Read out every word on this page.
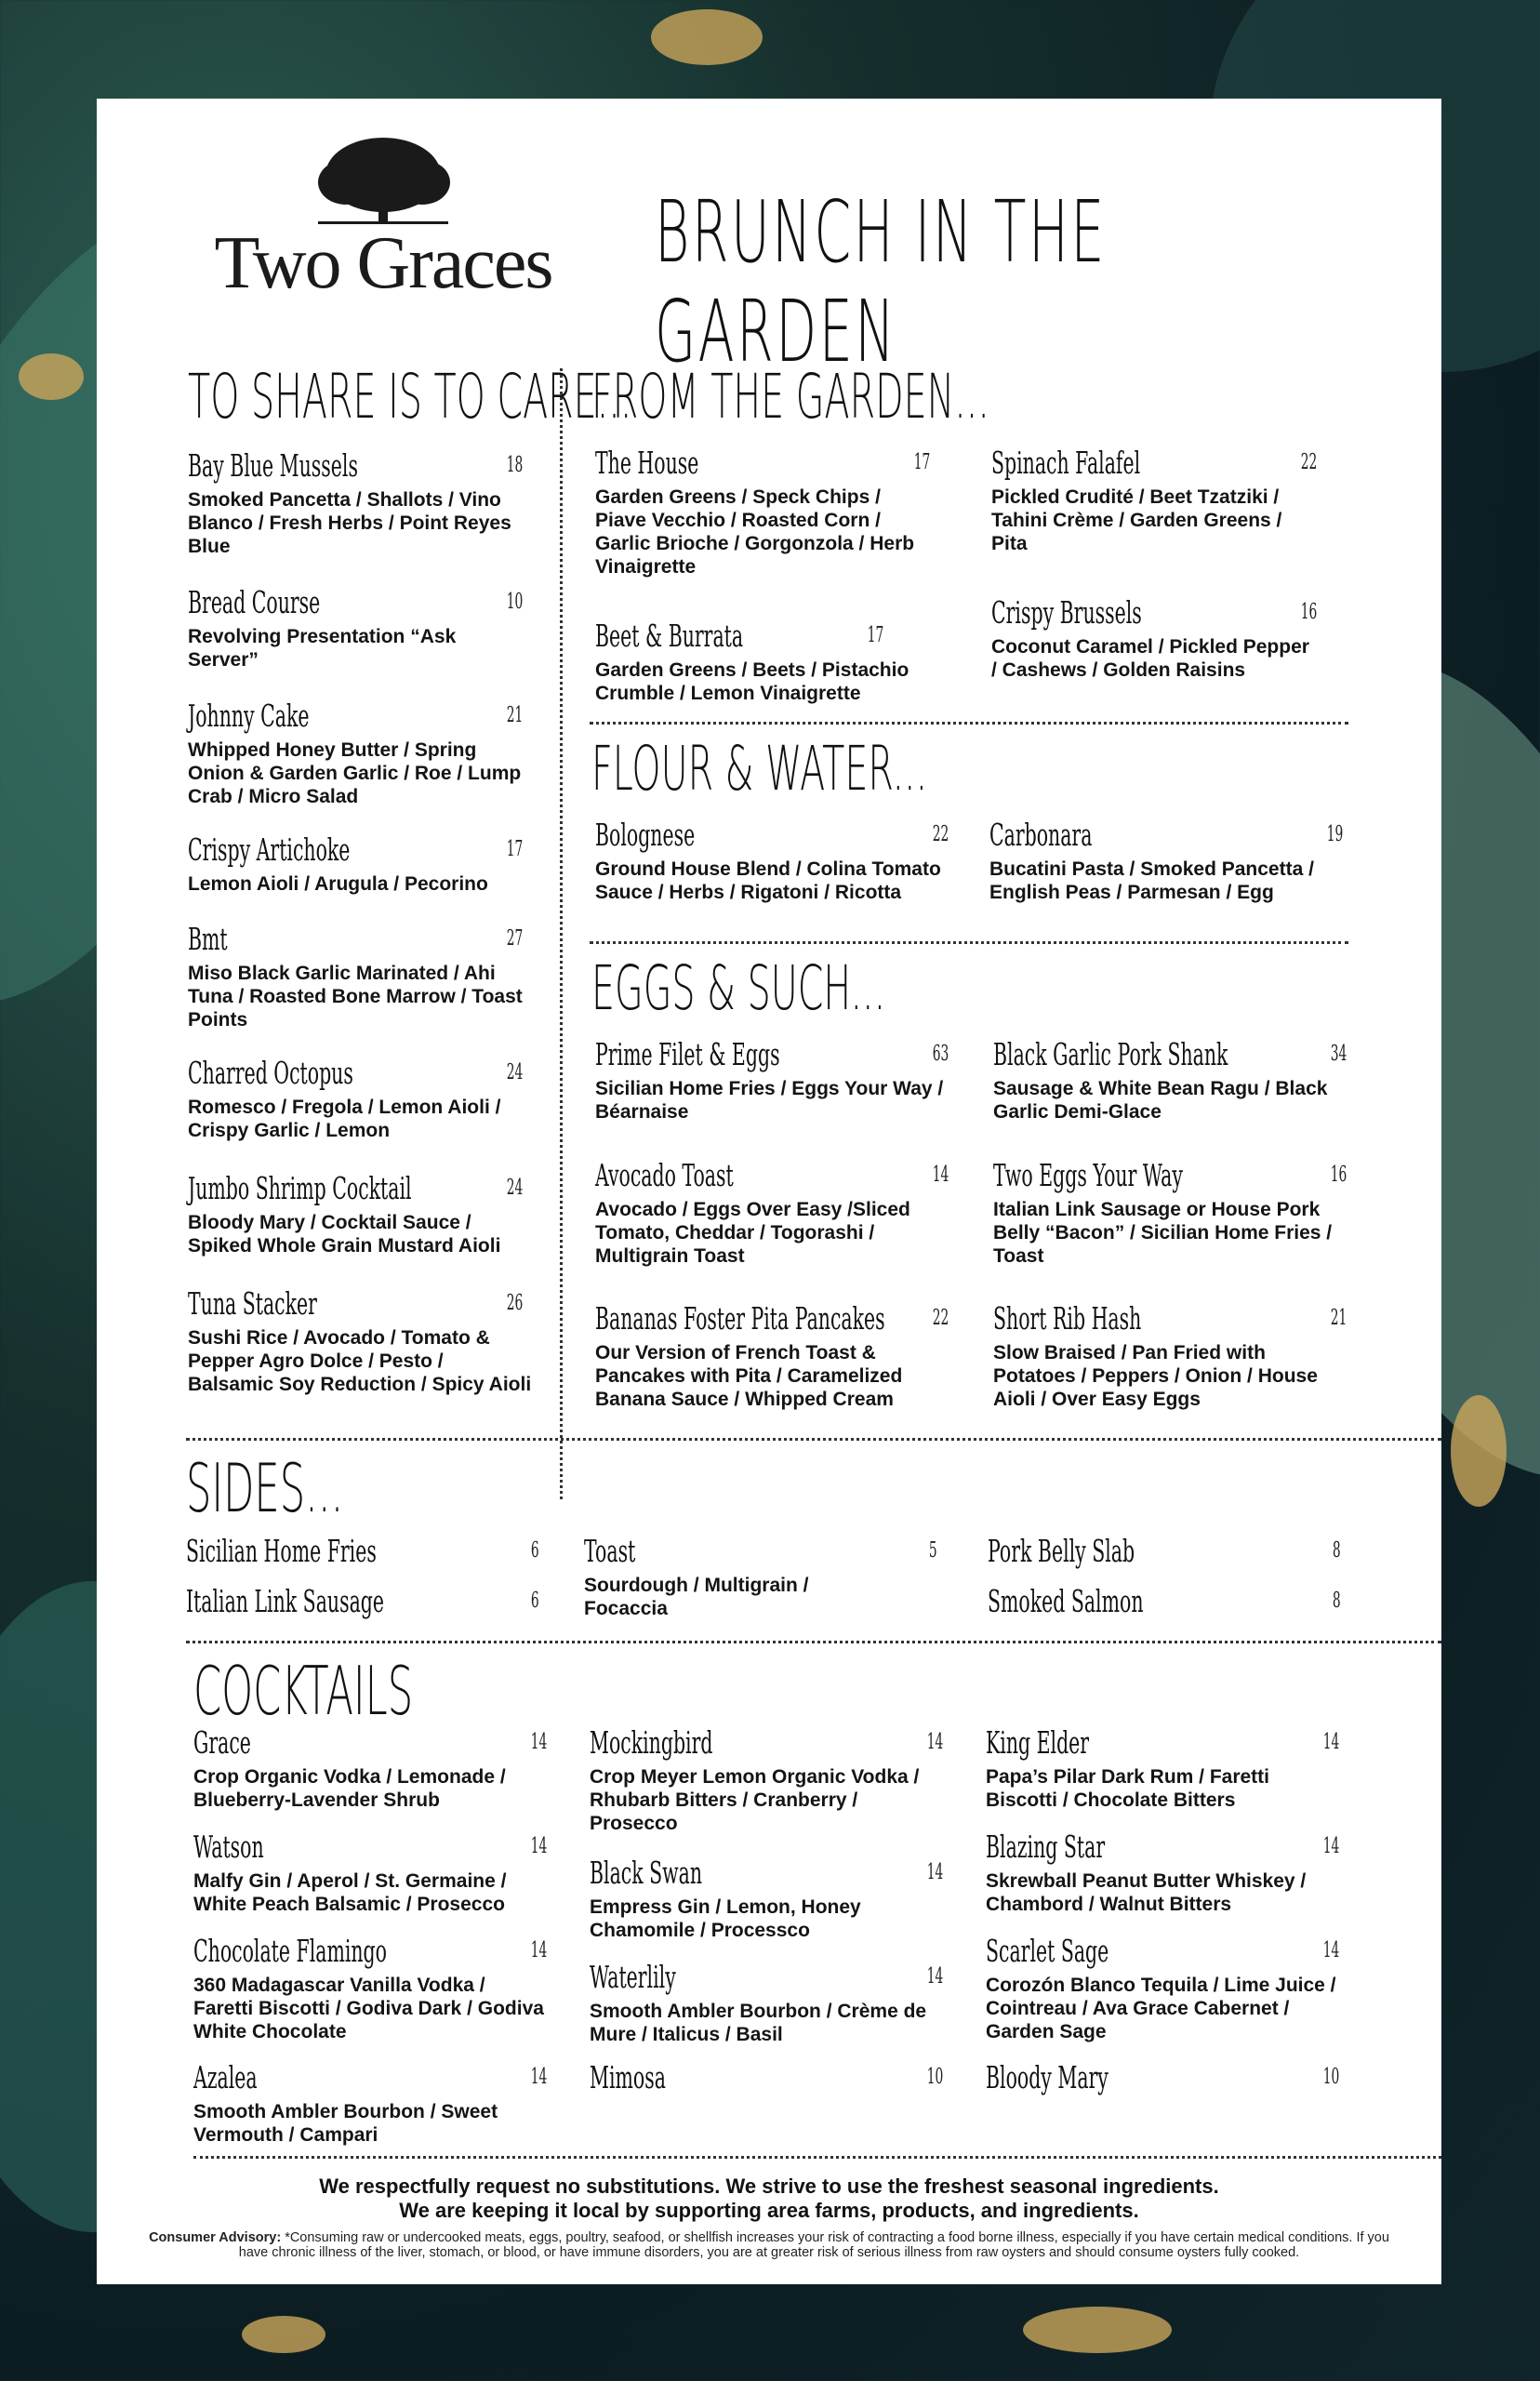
Two Graces	BRUNCH IN THE GARDEN
TO SHARE IS TO CARE...
Bay Blue Mussels	18
Smoked Pancetta / Shallots / Vino Blanco / Fresh Herbs / Point Reyes Blue
Bread Course	10
Revolving Presentation “Ask Server”
Johnny Cake	21
Whipped Honey Butter / Spring Onion & Garden Garlic / Roe / Lump Crab / Micro Salad
Crispy Artichoke	17
Lemon Aioli / Arugula / Pecorino
Bmt	27
Miso Black Garlic Marinated / Ahi Tuna / Roasted Bone Marrow / Toast Points
Charred Octopus	24
Romesco / Fregola / Lemon Aioli / Crispy Garlic / Lemon
Jumbo Shrimp Cocktail	24
Bloody Mary / Cocktail Sauce / Spiked Whole Grain Mustard Aioli
Tuna Stacker	26
Sushi Rice / Avocado / Tomato & Pepper Agro Dolce / Pesto / Balsamic Soy Reduction / Spicy Aioli
FROM THE GARDEN...
The House	17
Garden Greens / Speck Chips / Piave Vecchio / Roasted Corn / Garlic Brioche / Gorgonzola / Herb Vinaigrette
Spinach Falafel	22
Pickled Crudité / Beet Tzatziki / Tahini Crème / Garden Greens / Pita
Beet & Burrata	17
Garden Greens / Beets / Pistachio Crumble / Lemon Vinaigrette
Crispy Brussels	16
Coconut Caramel / Pickled Pepper / Cashews / Golden Raisins
FLOUR & WATER...
Bolognese	22
Ground House Blend / Colina Tomato Sauce / Herbs / Rigatoni / Ricotta
Carbonara	19
Bucatini Pasta / Smoked Pancetta / English Peas / Parmesan / Egg
EGGS & SUCH...
Prime Filet & Eggs	63
Sicilian Home Fries / Eggs Your Way / Béarnaise
Black Garlic Pork Shank	34
Sausage & White Bean Ragu / Black Garlic Demi-Glace
Avocado Toast	14
Avocado / Eggs Over Easy /Sliced Tomato, Cheddar / Togorashi / Multigrain Toast
Two Eggs Your Way	16
Italian Link Sausage or House Pork Belly “Bacon” / Sicilian Home Fries / Toast
Bananas Foster Pita Pancakes 22
Our Version of French Toast & Pancakes with Pita / Caramelized Banana Sauce / Whipped Cream
Short Rib Hash	21
Slow Braised / Pan Fried with Potatoes / Peppers / Onion / House Aioli / Over Easy Eggs
SIDES...
Sicilian Home Fries	6
Italian Link Sausage	6
Toast	5
Sourdough / Multigrain / Focaccia
Pork Belly Slab	8
Smoked Salmon	8
COCKTAILS
Grace	14
Crop Organic Vodka / Lemonade / Blueberry-Lavender Shrub
Watson	14
Malfy Gin / Aperol / St. Germaine / White Peach Balsamic / Prosecco
Chocolate Flamingo	14
360 Madagascar Vanilla Vodka / Faretti Biscotti / Godiva Dark / Godiva White Chocolate
Azalea	14
Smooth Ambler Bourbon / Sweet Vermouth / Campari
Mockingbird	14
Crop Meyer Lemon Organic Vodka / Rhubarb Bitters / Cranberry / Prosecco
Black Swan	14
Empress Gin / Lemon, Honey Chamomile / Processco
Waterlily	14
Smooth Ambler Bourbon / Crème de Mure / Italicus / Basil
Mimosa	10
King Elder	14
Papa’s Pilar Dark Rum / Faretti Biscotti / Chocolate Bitters
Blazing Star	14
Skrewball Peanut Butter Whiskey / Chambord / Walnut Bitters
Scarlet Sage	14
Corozón Blanco Tequila / Lime Juice / Cointreau / Ava Grace Cabernet / Garden Sage
Bloody Mary	10
We respectfully request no substitutions. We strive to use the freshest seasonal ingredients.
We are keeping it local by supporting area farms, products, and ingredients.
Consumer Advisory: *Consuming raw or undercooked meats, eggs, poultry, seafood, or shellfish increases your risk of contracting a food borne illness, especially if you have certain medical conditions. If you have chronic illness of the liver, stomach, or blood, or have immune disorders, you are at greater risk of serious illness from raw oysters and should consume oysters fully cooked.
